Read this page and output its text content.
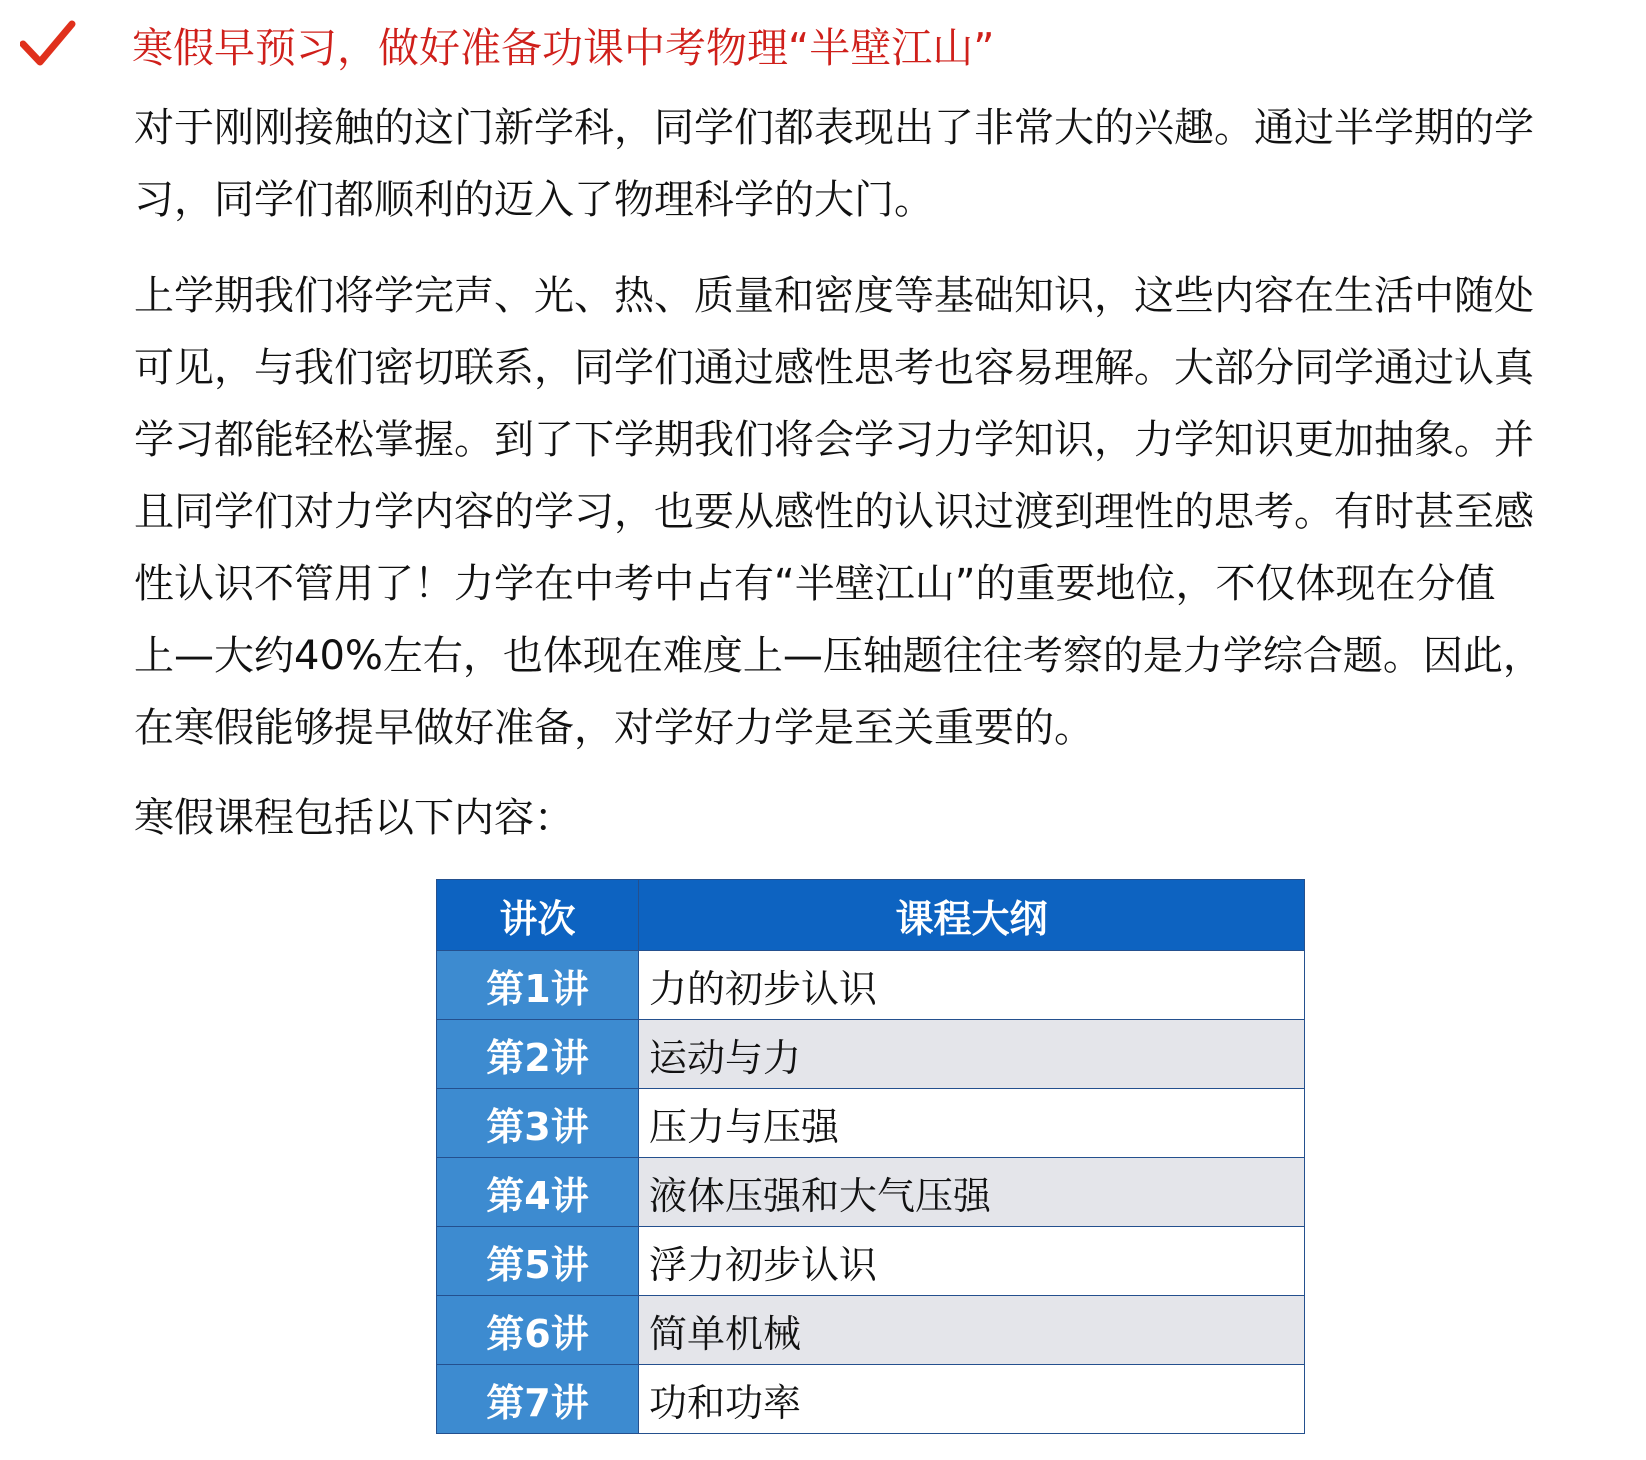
寒假早预习，做好准备功课中考物理“半壁江山”
对于刚刚接触的这门新学科，同学们都表现出了非常大的兴趣。通过半学期的学
习，同学们都顺利的迈入了物理科学的大门。
上学期我们将学完声、光、热、质量和密度等基础知识，这些内容在生活中随处
可见，与我们密切联系，同学们通过感性思考也容易理解。大部分同学通过认真
学习都能轻松掌握。到了下学期我们将会学习力学知识，力学知识更加抽象。并
且同学们对力学内容的学习，也要从感性的认识过渡到理性的思考。有时甚至感
性认识不管用了！力学在中考中占有“半壁江山”的重要地位，不仅体现在分值
上—大约40%左右，也体现在难度上—压轴题往往考察的是力学综合题。因此，
在寒假能够提早做好准备，对学好力学是至关重要的。
寒假课程包括以下内容：
讲次	课程大纲
第1讲	力的初步认识
第2讲	运动与力
第3讲	压力与压强
第4讲	液体压强和大气压强
第5讲	浮力初步认识
第6讲	简单机械
第7讲	功和功率
